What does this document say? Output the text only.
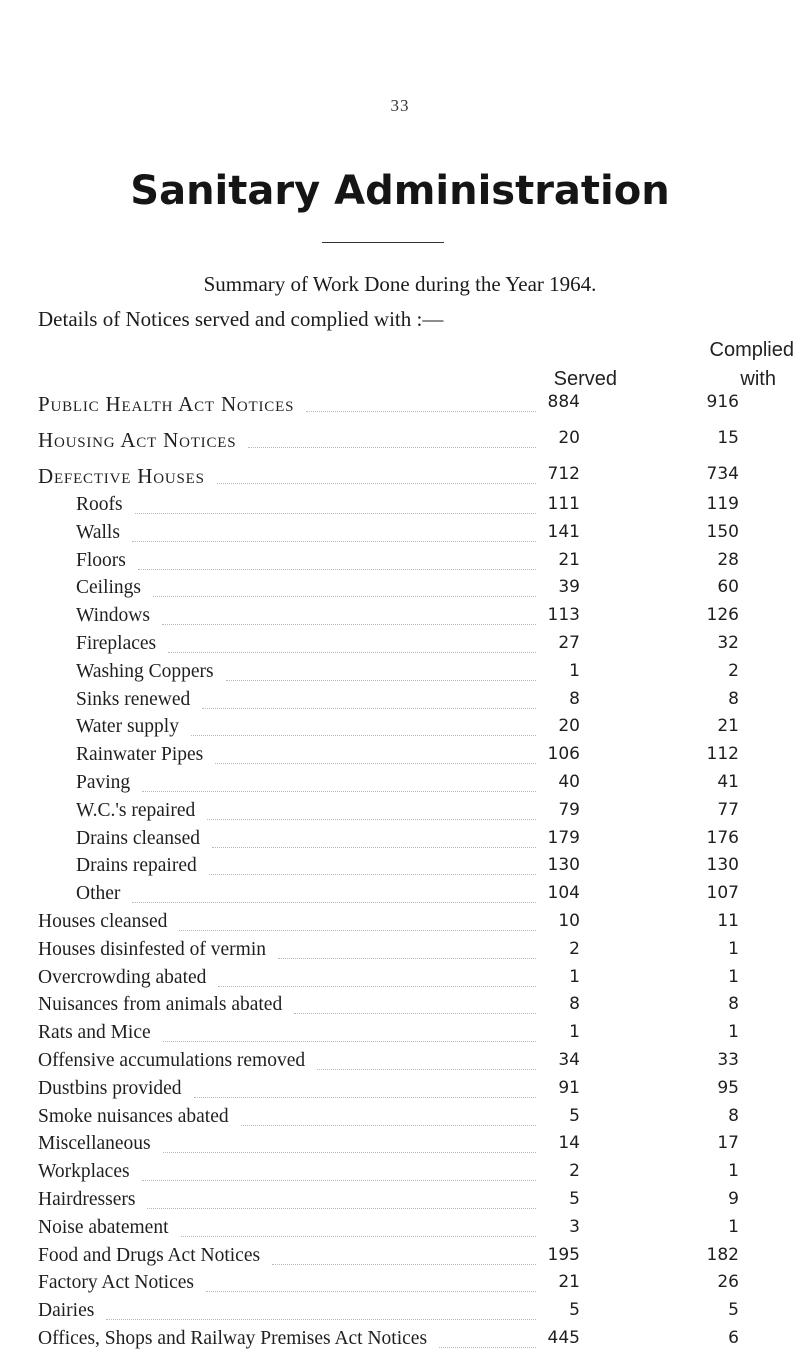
33
Sanitary Administration
Summary of Work Done during the Year 1964.
Details of Notices served and complied with :—
Complied
with
Served
Public Health Act Notices	884	916
Housing Act Notices	20	15
Defective Houses	712	734
Roofs	111	119
Walls	141	150
Floors	21	28
Ceilings	39	60
Windows	113	126
Fireplaces	27	32
Washing Coppers	1	2
Sinks renewed	8	8
Water supply	20	21
Rainwater Pipes	106	112
Paving	40	41
W.C.'s repaired	79	77
Drains cleansed	179	176
Drains repaired	130	130
Other	104	107
Houses cleansed	10	11
Houses disinfested of vermin	2	1
Overcrowding abated	1	1
Nuisances from animals abated	8	8
Rats and Mice	1	1
Offensive accumulations removed	34	33
Dustbins provided	91	95
Smoke nuisances abated	5	8
Miscellaneous	14	17
Workplaces	2	1
Hairdressers	5	9
Noise abatement	3	1
Food and Drugs Act Notices	195	182
Factory Act Notices	21	26
Dairies	5	5
Offices, Shops and Railway Premises Act Notices	445	6
